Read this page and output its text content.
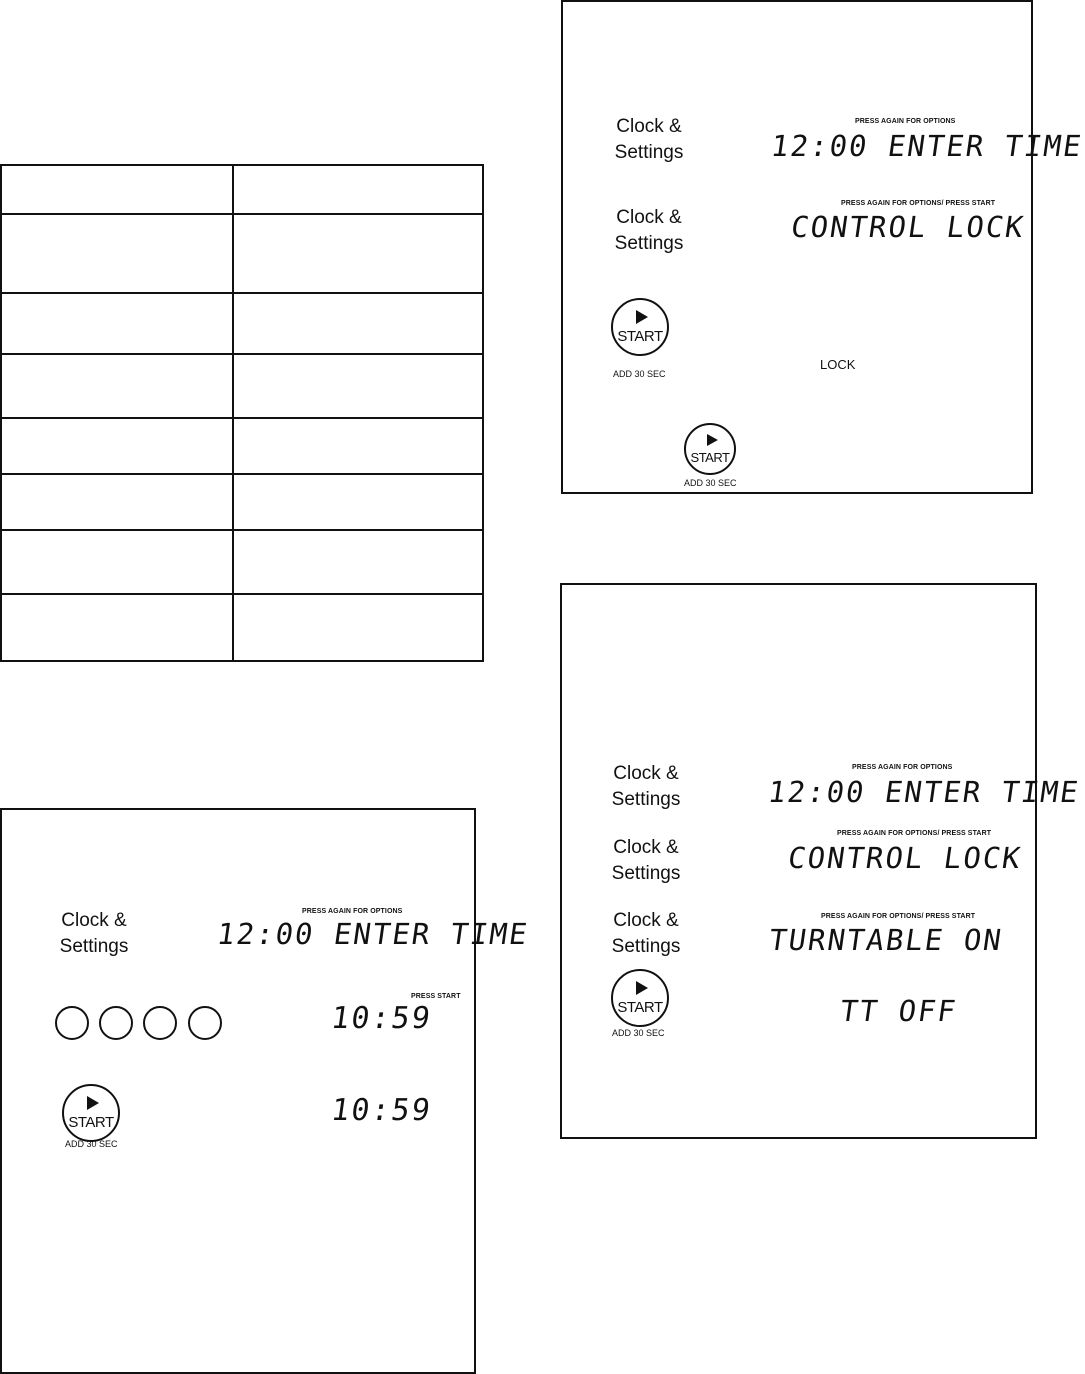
Clock &
Settings
PRESS AGAIN FOR OPTIONS
12:00 ENTER TIME
Clock &
Settings
PRESS AGAIN FOR OPTIONS/ PRESS START
CONTROL LOCK
START
ADD 30 SEC
LOCK
START
ADD 30 SEC
Clock &
Settings
PRESS AGAIN FOR OPTIONS
12:00 ENTER TIME
Clock &
Settings
PRESS AGAIN FOR OPTIONS/ PRESS START
CONTROL LOCK
Clock &
Settings
PRESS AGAIN FOR OPTIONS/ PRESS START
TURNTABLE ON
START
ADD 30 SEC
TT OFF
Clock &
Settings
PRESS AGAIN FOR OPTIONS
12:00 ENTER TIME
PRESS START
10:59
START
ADD 30 SEC
10:59
